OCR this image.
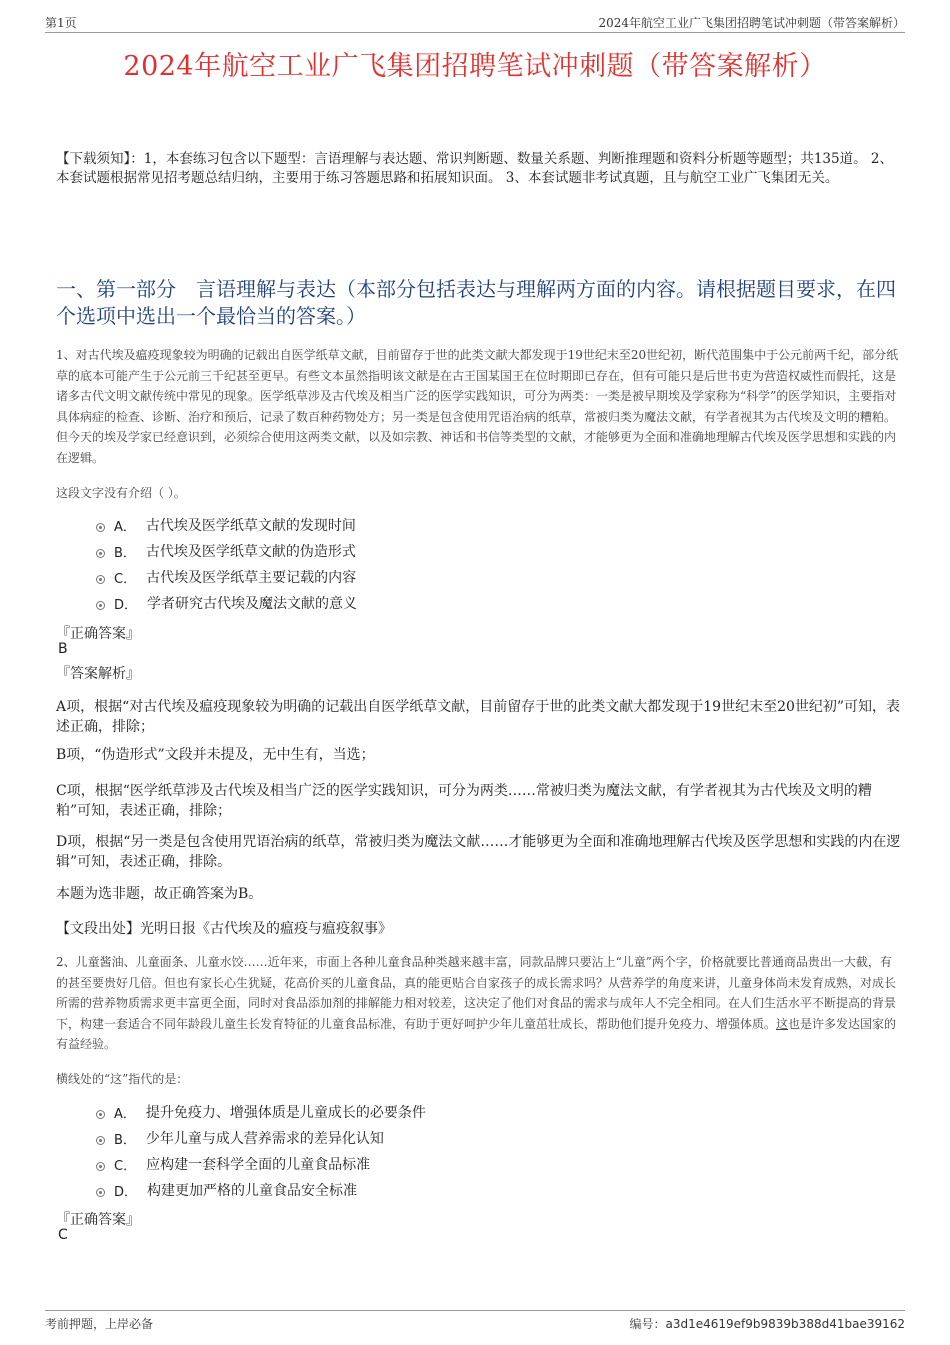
第1页	2024年航空工业广飞集团招聘笔试冲刺题（带答案解析）
2024年航空工业广飞集团招聘笔试冲刺题（带答案解析）
【下载须知】：1，本套练习包含以下题型：言语理解与表达题、常识判断题、数量关系题、判断推理题和资料分析题等题型；共135道。 2、本套试题根据常见招考题总结归纳，主要用于练习答题思路和拓展知识面。 3、本套试题非考试真题，且与航空工业广飞集团无关。
一、第一部分　言语理解与表达（本部分包括表达与理解两方面的内容。请根据题目要求，在四个选项中选出一个最恰当的答案。）
1、对古代埃及瘟疫现象较为明确的记载出自医学纸草文献，目前留存于世的此类文献大都发现于19世纪末至20世纪初，断代范围集中于公元前两千纪，部分纸草的底本可能产生于公元前三千纪甚至更早。有些文本虽然指明该文献是在古王国某国王在位时期即已存在，但有可能只是后世书吏为营造权威性而假托，这是诸多古代文明文献传统中常见的现象。医学纸草涉及古代埃及相当广泛的医学实践知识，可分为两类：一类是被早期埃及学家称为“科学”的医学知识，主要指对具体病症的检查、诊断、治疗和预后，记录了数百种药物处方；另一类是包含使用咒语治病的纸草，常被归类为魔法文献，有学者视其为古代埃及文明的糟粕。但今天的埃及学家已经意识到，必须综合使用这两类文献，以及如宗教、神话和书信等类型的文献，才能够更为全面和准确地理解古代埃及医学思想和实践的内在逻辑。
这段文字没有介绍（ ）。
A． 古代埃及医学纸草文献的发现时间
B． 古代埃及医学纸草文献的伪造形式
C． 古代埃及医学纸草主要记载的内容
D． 学者研究古代埃及魔法文献的意义
『正确答案』
B
『答案解析』
A项，根据“对古代埃及瘟疫现象较为明确的记载出自医学纸草文献，目前留存于世的此类文献大都发现于19世纪末至20世纪初”可知，表述正确，排除；
B项，“伪造形式”文段并未提及，无中生有，当选；
C项，根据“医学纸草涉及古代埃及相当广泛的医学实践知识，可分为两类……常被归类为魔法文献，有学者视其为古代埃及文明的糟粕”可知，表述正确，排除；
D项，根据“另一类是包含使用咒语治病的纸草，常被归类为魔法文献……才能够更为全面和准确地理解古代埃及医学思想和实践的内在逻辑”可知，表述正确，排除。
本题为选非题，故正确答案为B。
【文段出处】光明日报《古代埃及的瘟疫与瘟疫叙事》
2、儿童酱油、儿童面条、儿童水饺……近年来，市面上各种儿童食品种类越来越丰富，同款品牌只要沾上“儿童”两个字，价格就要比普通商品贵出一大截，有的甚至要贵好几倍。但也有家长心生犹疑，花高价买的儿童食品，真的能更贴合自家孩子的成长需求吗？从营养学的角度来讲，儿童身体尚未发育成熟，对成长所需的营养物质需求更丰富更全面，同时对食品添加剂的排解能力相对较差，这决定了他们对食品的需求与成年人不完全相同。在人们生活水平不断提高的背景下，构建一套适合不同年龄段儿童生长发育特征的儿童食品标准，有助于更好呵护少年儿童茁壮成长，帮助他们提升免疫力、增强体质。这也是许多发达国家的有益经验。
横线处的“这”指代的是：
A． 提升免疫力、增强体质是儿童成长的必要条件
B． 少年儿童与成人营养需求的差异化认知
C． 应构建一套科学全面的儿童食品标准
D． 构建更加严格的儿童食品安全标准
『正确答案』
C
考前押题，上岸必备	编号：a3d1e4619ef9b9839b388d41bae39162
